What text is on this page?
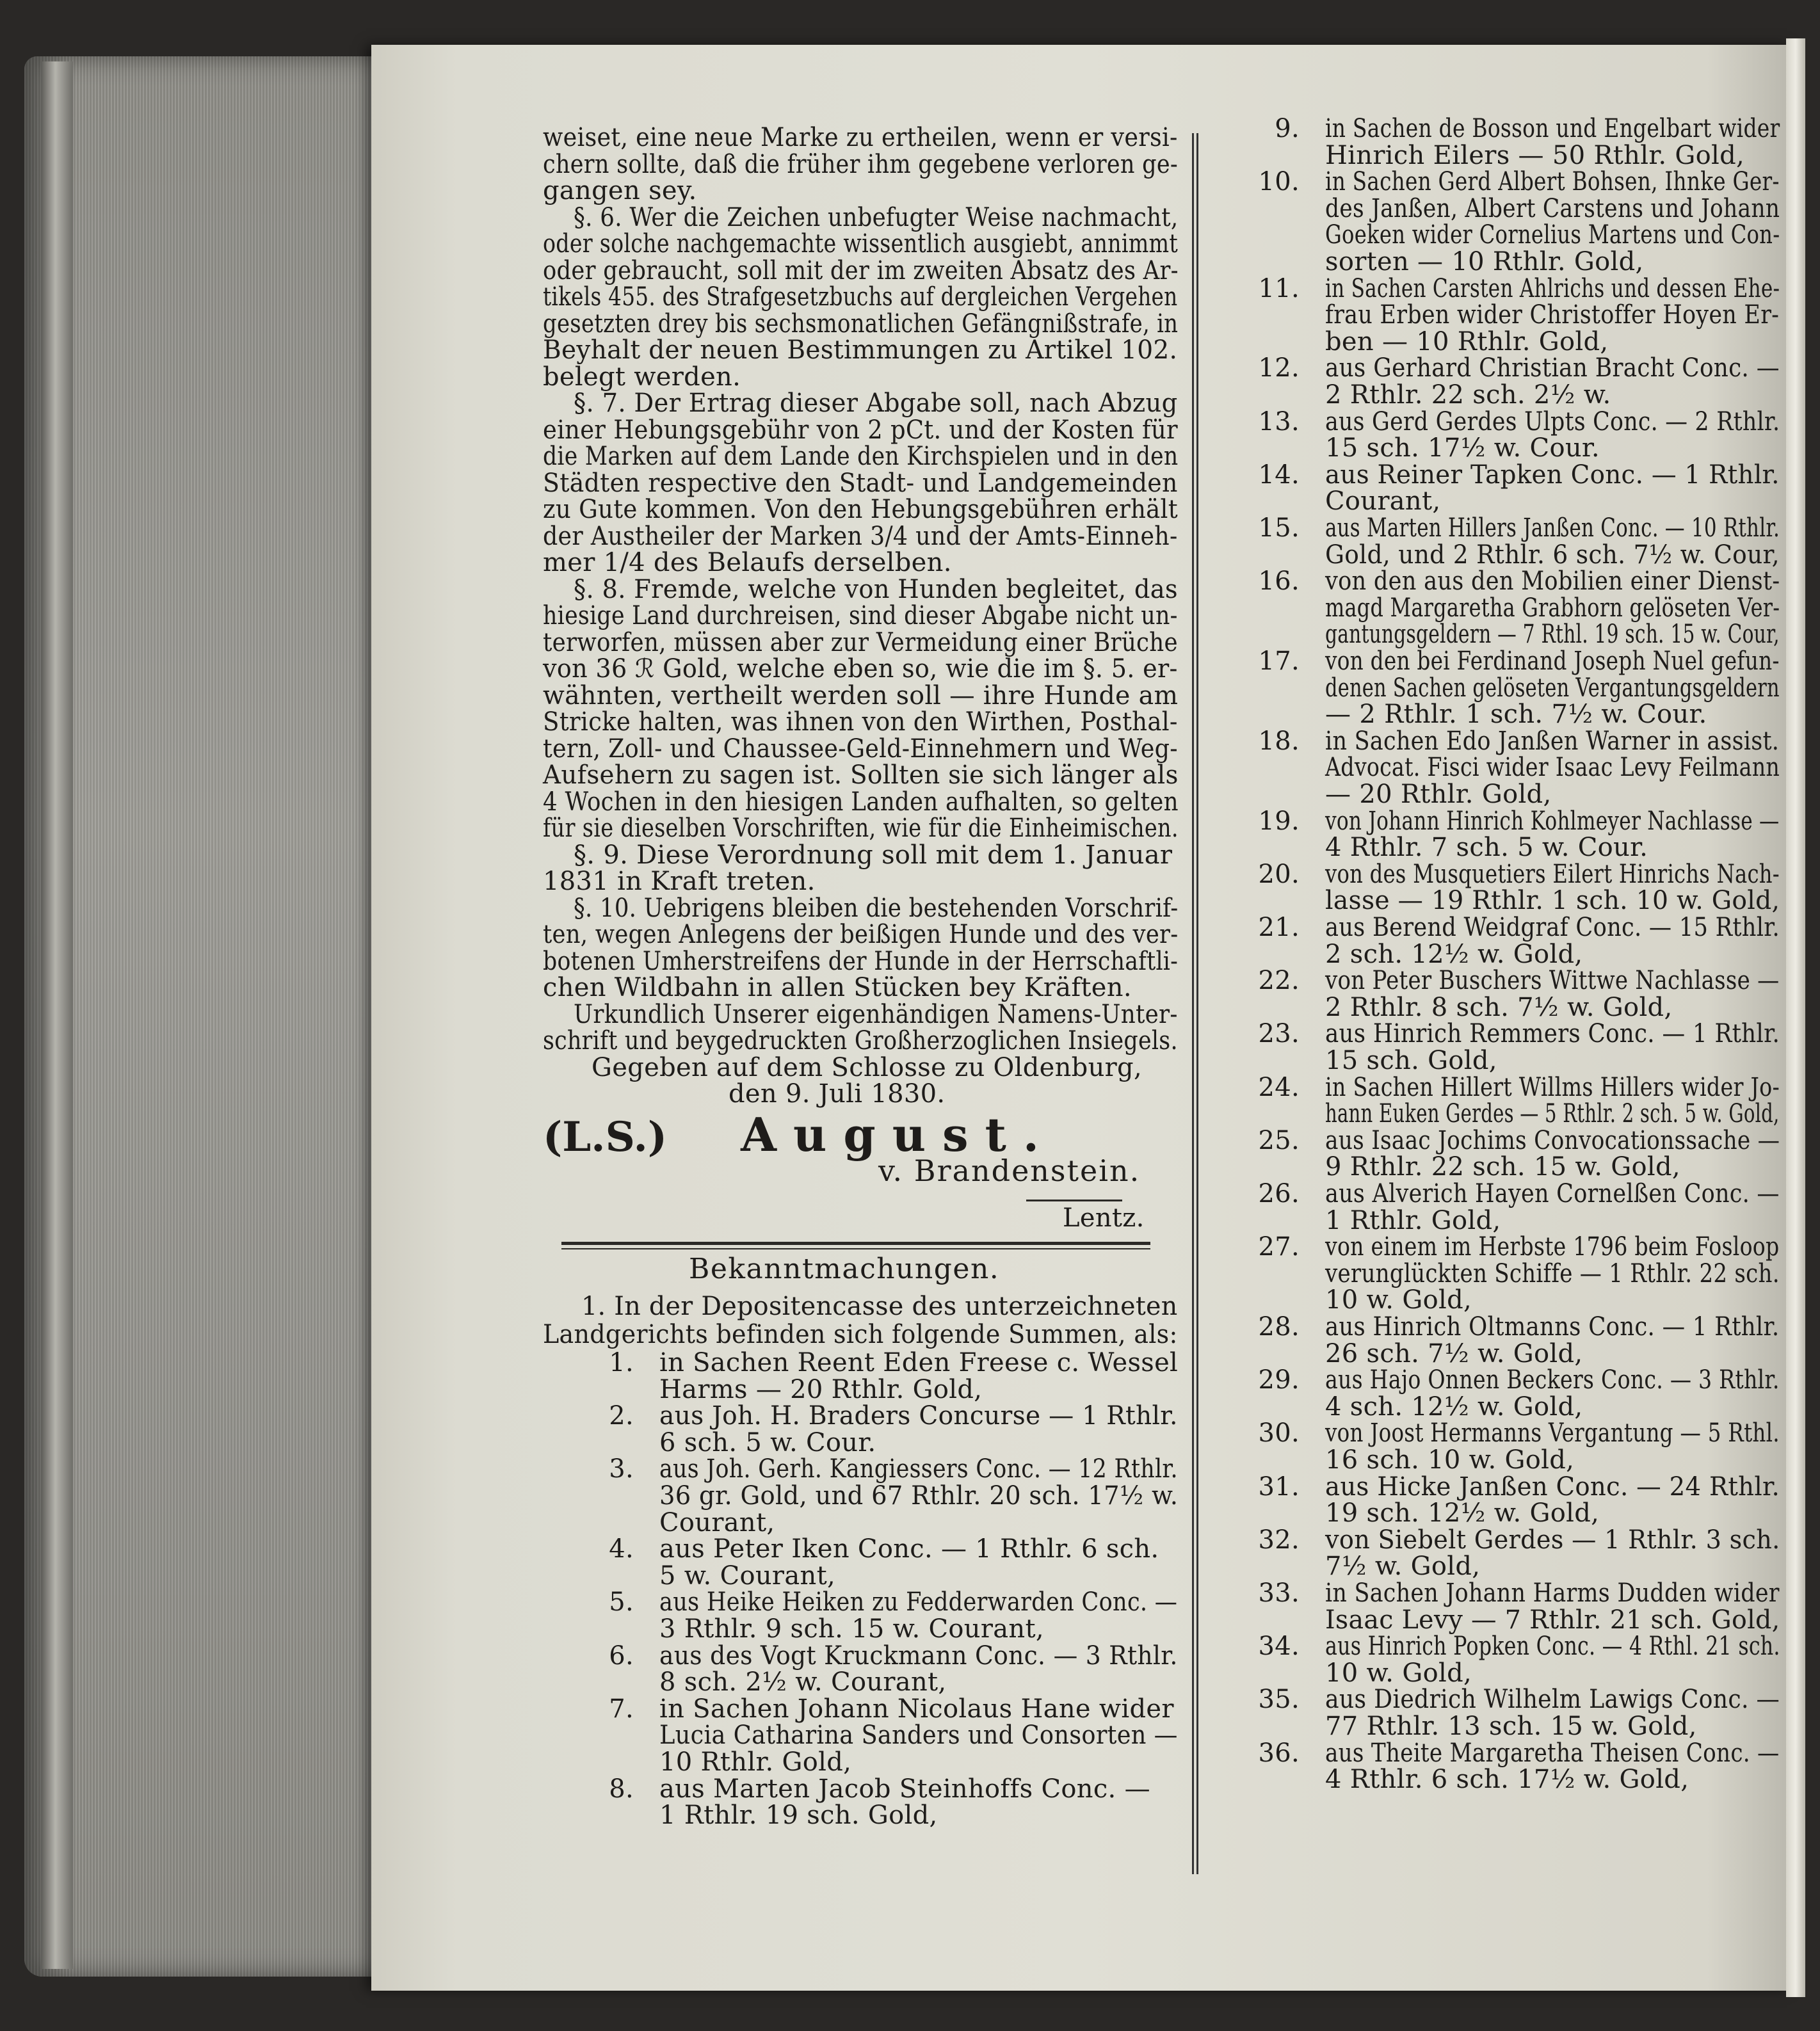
weiset, eine neue Marke zu ertheilen, wenn er versi-
chern sollte, daß die früher ihm gegebene verloren ge-
gangen sey.
§. 6. Wer die Zeichen unbefugter Weise nachmacht,
oder solche nachgemachte wissentlich ausgiebt, annimmt
oder gebraucht, soll mit der im zweiten Absatz des Ar-
tikels 455. des Strafgesetzbuchs auf dergleichen Vergehen
gesetzten drey bis sechsmonatlichen Gefängnißstrafe, in
Beyhalt der neuen Bestimmungen zu Artikel 102.
belegt werden.
§. 7. Der Ertrag dieser Abgabe soll, nach Abzug
einer Hebungsgebühr von 2 pCt. und der Kosten für
die Marken auf dem Lande den Kirchspielen und in den
Städten respective den Stadt- und Landgemeinden
zu Gute kommen. Von den Hebungsgebühren erhält
der Austheiler der Marken 3/4 und der Amts-Einneh-
mer 1/4 des Belaufs derselben.
§. 8. Fremde, welche von Hunden begleitet, das
hiesige Land durchreisen, sind dieser Abgabe nicht un-
terworfen, müssen aber zur Vermeidung einer Brüche
von 36 ℛ Gold, welche eben so, wie die im §. 5. er-
wähnten, vertheilt werden soll — ihre Hunde am
Stricke halten, was ihnen von den Wirthen, Posthal-
tern, Zoll- und Chaussee-Geld-Einnehmern und Weg-
Aufsehern zu sagen ist. Sollten sie sich länger als
4 Wochen in den hiesigen Landen aufhalten, so gelten
für sie dieselben Vorschriften, wie für die Einheimischen.
§. 9. Diese Verordnung soll mit dem 1. Januar
1831 in Kraft treten.
§. 10. Uebrigens bleiben die bestehenden Vorschrif-
ten, wegen Anlegens der beißigen Hunde und des ver-
botenen Umherstreifens der Hunde in der Herrschaftli-
chen Wildbahn in allen Stücken bey Kräften.
Urkundlich Unserer eigenhändigen Namens-Unter-
schrift und beygedruckten Großherzoglichen Insiegels.
Gegeben auf dem Schlosse zu Oldenburg,
den 9. Juli 1830.
(L.S.) August.
v. Brandenstein.
Lentz.
Bekanntmachungen.
1. In der Depositencasse des unterzeichneten
Landgerichts befinden sich folgende Summen, als:
1. in Sachen Reent Eden Freese c. Wessel
Harms — 20 Rthlr. Gold,
2. aus Joh. H. Braders Concurse — 1 Rthlr.
6 sch. 5 w. Cour.
3. aus Joh. Gerh. Kangiessers Conc. — 12 Rthlr.
36 gr. Gold, und 67 Rthlr. 20 sch. 17½ w.
Courant,
4. aus Peter Iken Conc. — 1 Rthlr. 6 sch.
5 w. Courant,
5. aus Heike Heiken zu Fedderwarden Conc. —
3 Rthlr. 9 sch. 15 w. Courant,
6. aus des Vogt Kruckmann Conc. — 3 Rthlr.
8 sch. 2½ w. Courant,
7. in Sachen Johann Nicolaus Hane wider
Lucia Catharina Sanders und Consorten —
10 Rthlr. Gold,
8. aus Marten Jacob Steinhoffs Conc. —
1 Rthlr. 19 sch. Gold,
9. in Sachen de Bosson und Engelbart wider
Hinrich Eilers — 50 Rthlr. Gold,
10. in Sachen Gerd Albert Bohsen, Ihnke Ger-
des Janßen, Albert Carstens und Johann
Goeken wider Cornelius Martens und Con-
sorten — 10 Rthlr. Gold,
11. in Sachen Carsten Ahlrichs und dessen Ehe-
frau Erben wider Christoffer Hoyen Er-
ben — 10 Rthlr. Gold,
12. aus Gerhard Christian Bracht Conc. —
2 Rthlr. 22 sch. 2½ w.
13. aus Gerd Gerdes Ulpts Conc. — 2 Rthlr.
15 sch. 17½ w. Cour.
14. aus Reiner Tapken Conc. — 1 Rthlr.
Courant,
15. aus Marten Hillers Janßen Conc. — 10 Rthlr.
Gold, und 2 Rthlr. 6 sch. 7½ w. Cour,
16. von den aus den Mobilien einer Dienst-
magd Margaretha Grabhorn gelöseten Ver-
gantungsgeldern — 7 Rthl. 19 sch. 15 w. Cour,
17. von den bei Ferdinand Joseph Nuel gefun-
denen Sachen gelöseten Vergantungsgeldern
— 2 Rthlr. 1 sch. 7½ w. Cour.
18. in Sachen Edo Janßen Warner in assist.
Advocat. Fisci wider Isaac Levy Feilmann
— 20 Rthlr. Gold,
19. von Johann Hinrich Kohlmeyer Nachlasse —
4 Rthlr. 7 sch. 5 w. Cour.
20. von des Musquetiers Eilert Hinrichs Nach-
lasse — 19 Rthlr. 1 sch. 10 w. Gold,
21. aus Berend Weidgraf Conc. — 15 Rthlr.
2 sch. 12½ w. Gold,
22. von Peter Buschers Wittwe Nachlasse —
2 Rthlr. 8 sch. 7½ w. Gold,
23. aus Hinrich Remmers Conc. — 1 Rthlr.
15 sch. Gold,
24. in Sachen Hillert Willms Hillers wider Jo-
hann Euken Gerdes — 5 Rthlr. 2 sch. 5 w. Gold,
25. aus Isaac Jochims Convocationssache —
9 Rthlr. 22 sch. 15 w. Gold,
26. aus Alverich Hayen Cornelßen Conc. —
1 Rthlr. Gold,
27. von einem im Herbste 1796 beim Fosloop
verunglückten Schiffe — 1 Rthlr. 22 sch.
10 w. Gold,
28. aus Hinrich Oltmanns Conc. — 1 Rthlr.
26 sch. 7½ w. Gold,
29. aus Hajo Onnen Beckers Conc. — 3 Rthlr.
4 sch. 12½ w. Gold,
30. von Joost Hermanns Vergantung — 5 Rthl.
16 sch. 10 w. Gold,
31. aus Hicke Janßen Conc. — 24 Rthlr.
19 sch. 12½ w. Gold,
32. von Siebelt Gerdes — 1 Rthlr. 3 sch.
7½ w. Gold,
33. in Sachen Johann Harms Dudden wider
Isaac Levy — 7 Rthlr. 21 sch. Gold,
34. aus Hinrich Popken Conc. — 4 Rthl. 21 sch.
10 w. Gold,
35. aus Diedrich Wilhelm Lawigs Conc. —
77 Rthlr. 13 sch. 15 w. Gold,
36. aus Theite Margaretha Theisen Conc. —
4 Rthlr. 6 sch. 17½ w. Gold,
